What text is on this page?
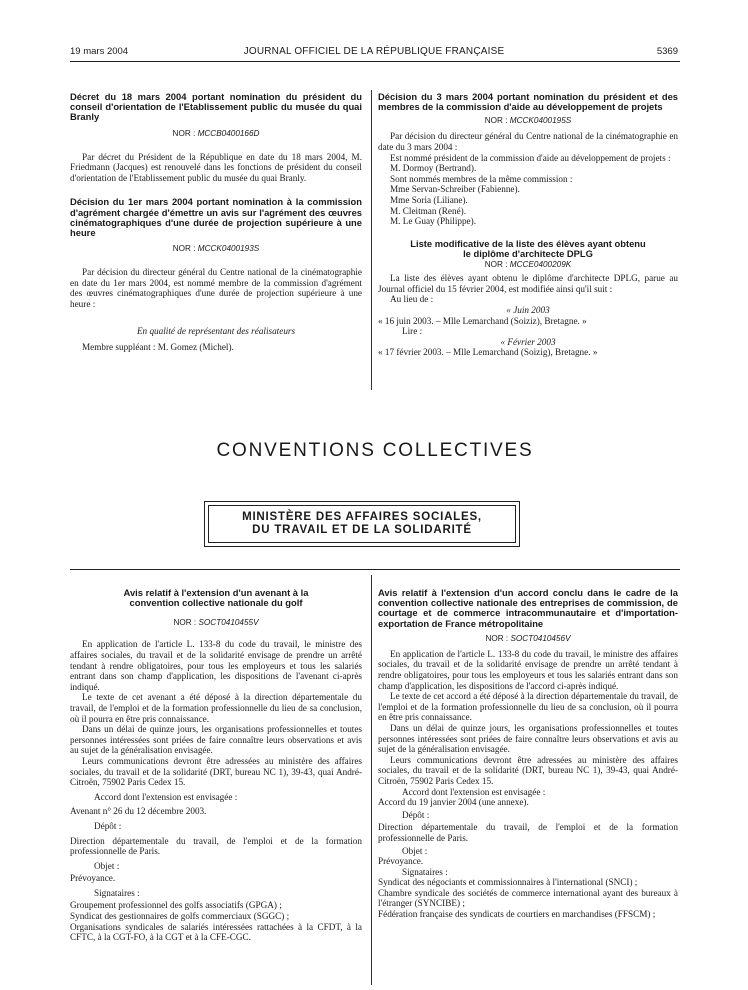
19 mars 2004	JOURNAL OFFICIEL DE LA RÉPUBLIQUE FRANÇAISE	5369

Décret du 18 mars 2004 portant nomination du président du conseil d'orientation de l'Etablissement public du musée du quai Branly

NOR : MCCB0400166D

Par décret du Président de la République en date du 18 mars 2004, M. Friedmann (Jacques) est renouvelé dans les fonctions de président du conseil d'orientation de l'Etablissement public du musée du quai Branly.

Décision du 1er mars 2004 portant nomination à la commission d'agrément chargée d'émettre un avis sur l'agrément des œuvres cinématographiques d'une durée de projection supérieure à une heure

NOR : MCCK0400193S

Par décision du directeur général du Centre national de la cinématographie en date du 1er mars 2004, est nommé membre de la commission d'agrément des œuvres cinématographiques d'une durée de projection supérieure à une heure :

En qualité de représentant des réalisateurs

Membre suppléant : M. Gomez (Michel).

Décision du 3 mars 2004 portant nomination du président et des membres de la commission d'aide au développement de projets

NOR : MCCK0400195S

Par décision du directeur général du Centre national de la cinématographie en date du 3 mars 2004 :

Est nommé président de la commission d'aide au développement de projets :

M. Dormoy (Bertrand).

Sont nommés membres de la même commission :

Mme Servan-Schreiber (Fabienne).

Mme Soria (Liliane).

M. Cleitman (René).

M. Le Guay (Philippe).

Liste modificative de la liste des élèves ayant obtenu le diplôme d'architecte DPLG

NOR : MCCE0400209K

La liste des élèves ayant obtenu le diplôme d'architecte DPLG, parue au Journal officiel du 15 février 2004, est modifiée ainsi qu'il suit :

Au lieu de :

« Juin 2003

« 16 juin 2003. – Mlle Lemarchand (Soiziz), Bretagne. »

Lire :

« Février 2003

« 17 février 2003. – Mlle Lemarchand (Soizig), Bretagne. »

CONVENTIONS COLLECTIVES

MINISTÈRE DES AFFAIRES SOCIALES,
DU TRAVAIL ET DE LA SOLIDARITÉ

Avis relatif à l'extension d'un avenant à la convention collective nationale du golf

NOR : SOCT0410455V

En application de l'article L. 133-8 du code du travail, le ministre des affaires sociales, du travail et de la solidarité envisage de prendre un arrêté tendant à rendre obligatoires, pour tous les employeurs et tous les salariés entrant dans son champ d'application, les dispositions de l'avenant ci-après indiqué.

Le texte de cet avenant a été déposé à la direction départementale du travail, de l'emploi et de la formation professionnelle du lieu de sa conclusion, où il pourra en être pris connaissance.

Dans un délai de quinze jours, les organisations professionnelles et toutes personnes intéressées sont priées de faire connaître leurs observations et avis au sujet de la généralisation envisagée.

Leurs communications devront être adressées au ministère des affaires sociales, du travail et de la solidarité (DRT, bureau NC 1), 39-43, quai André-Citroën, 75902 Paris Cedex 15.

Accord dont l'extension est envisagée :

Avenant n° 26 du 12 décembre 2003.

Dépôt :

Direction départementale du travail, de l'emploi et de la formation professionnelle de Paris.

Objet :

Prévoyance.

Signataires :

Groupement professionnel des golfs associatifs (GPGA) ;

Syndicat des gestionnaires de golfs commerciaux (SGGC) ;

Organisations syndicales de salariés intéressées rattachées à la CFDT, à la CFTC, à la CGT-FO, à la CGT et à la CFE-CGC.

Avis relatif à l'extension d'un accord conclu dans le cadre de la convention collective nationale des entreprises de commission, de courtage et de commerce intracommunautaire et d'importation-exportation de France métropolitaine

NOR : SOCT0410456V

En application de l'article L. 133-8 du code du travail, le ministre des affaires sociales, du travail et de la solidarité envisage de prendre un arrêté tendant à rendre obligatoires, pour tous les employeurs et tous les salariés entrant dans son champ d'application, les dispositions de l'accord ci-après indiqué.

Le texte de cet accord a été déposé à la direction départementale du travail, de l'emploi et de la formation professionnelle du lieu de sa conclusion, où il pourra en être pris connaissance.

Dans un délai de quinze jours, les organisations professionnelles et toutes personnes intéressées sont priées de faire connaître leurs observations et avis au sujet de la généralisation envisagée.

Leurs communications devront être adressées au ministère des affaires sociales, du travail et de la solidarité (DRT, bureau NC 1), 39-43, quai André-Citroën, 75902 Paris Cedex 15.

Accord dont l'extension est envisagée :

Accord du 19 janvier 2004 (une annexe).

Dépôt :

Direction départementale du travail, de l'emploi et de la formation professionnelle de Paris.

Objet :

Prévoyance.

Signataires :

Syndicat des négociants et commissionnaires à l'international (SNCI) ;

Chambre syndicale des sociétés de commerce international ayant des bureaux à l'étranger (SYNCIBE) ;

Fédération française des syndicats de courtiers en marchandises (FFSCM) ;
